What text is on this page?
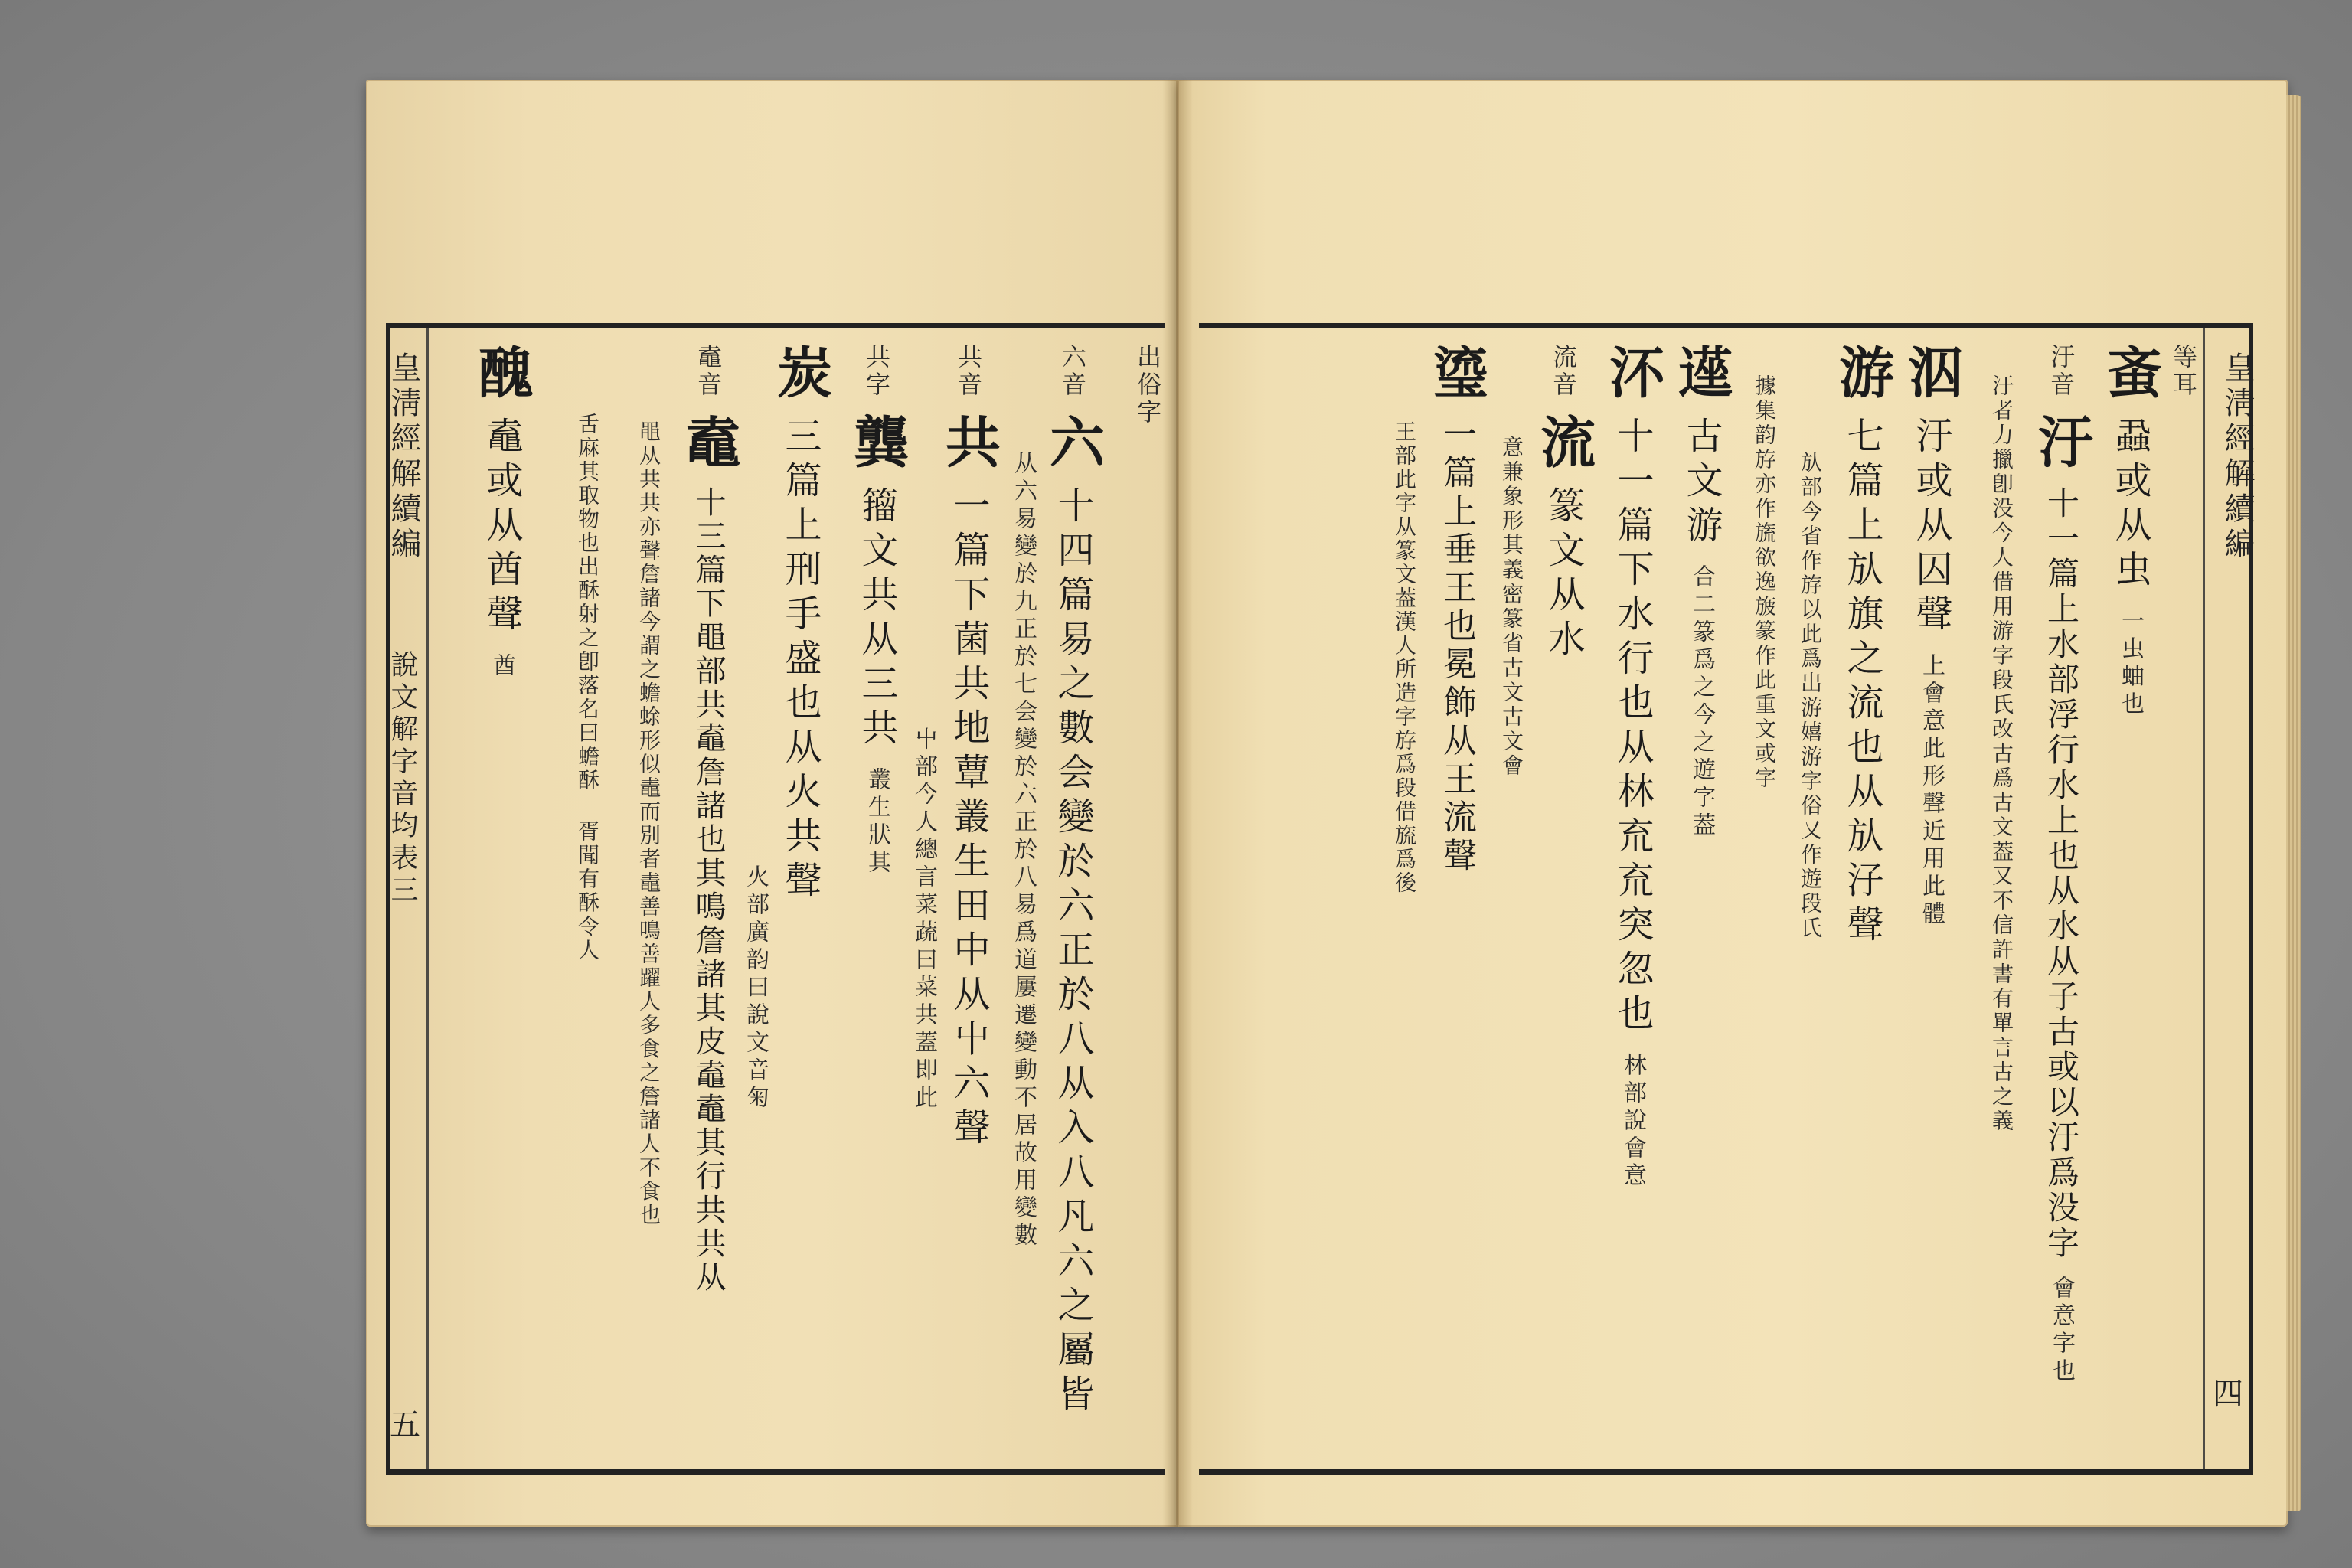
皇淸經解續編
說文解字音均表三
五
出俗字
六音 六 十四篇易之數会變於六正於八从入八凡六之屬皆
从六易變於九正於七会變於六正於八易爲道屢遷變動不居故用變數
共音 共 一篇下菌共地蕈叢生田中从屮六聲
屮部今人總言菜蔬曰菜共蓋即此
共字 龔 籀文共从三共 叢生狀其
炭 三篇上刑手盛也从火共聲
火部廣韵曰說文音匊
鼁音 鼁 十三篇下黽部共鼁詹諸也其鳴詹諸其皮鼁鼁其行共共从
黽从共共亦聲詹諸今謂之蟾蜍形似鼃而別者鼃善鳴善躍人多食之詹諸人不食也
舌麻其取物也出酥射之卽落名曰蟾酥 胥聞有酥令人
醜 鼁或从酋聲 酋
皇淸經解續編
四
等耳
蚉 蝨或从虫 一虫蚰也
汙音 汙 十一篇上水部浮行水上也从水从子古或以汙爲没字 會意字也
汙者力擸卽没今人借用游字段氏改古爲古文葢又不信許書有單言古之義
泅 汙或从囚聲 上會意此形聲近用此體
游 七篇上㫃旗之流也从㫃汓聲
㫃部今省作斿以此爲出游嬉游字俗又作遊段氏
據集韵斿亦作旒欲逸旇篆作此重文或字
遳 古文游 合二篆爲之今之遊字葢
㳅 十一篇下水行也从林㐬㐬突忽也 林部說會意
流音 流 篆文从水
意兼象形其義密篆省古文古文會
瑬 一篇上垂王也冕飾从王流聲
王部此字从篆文葢漢人所造字斿爲段借旒爲後
